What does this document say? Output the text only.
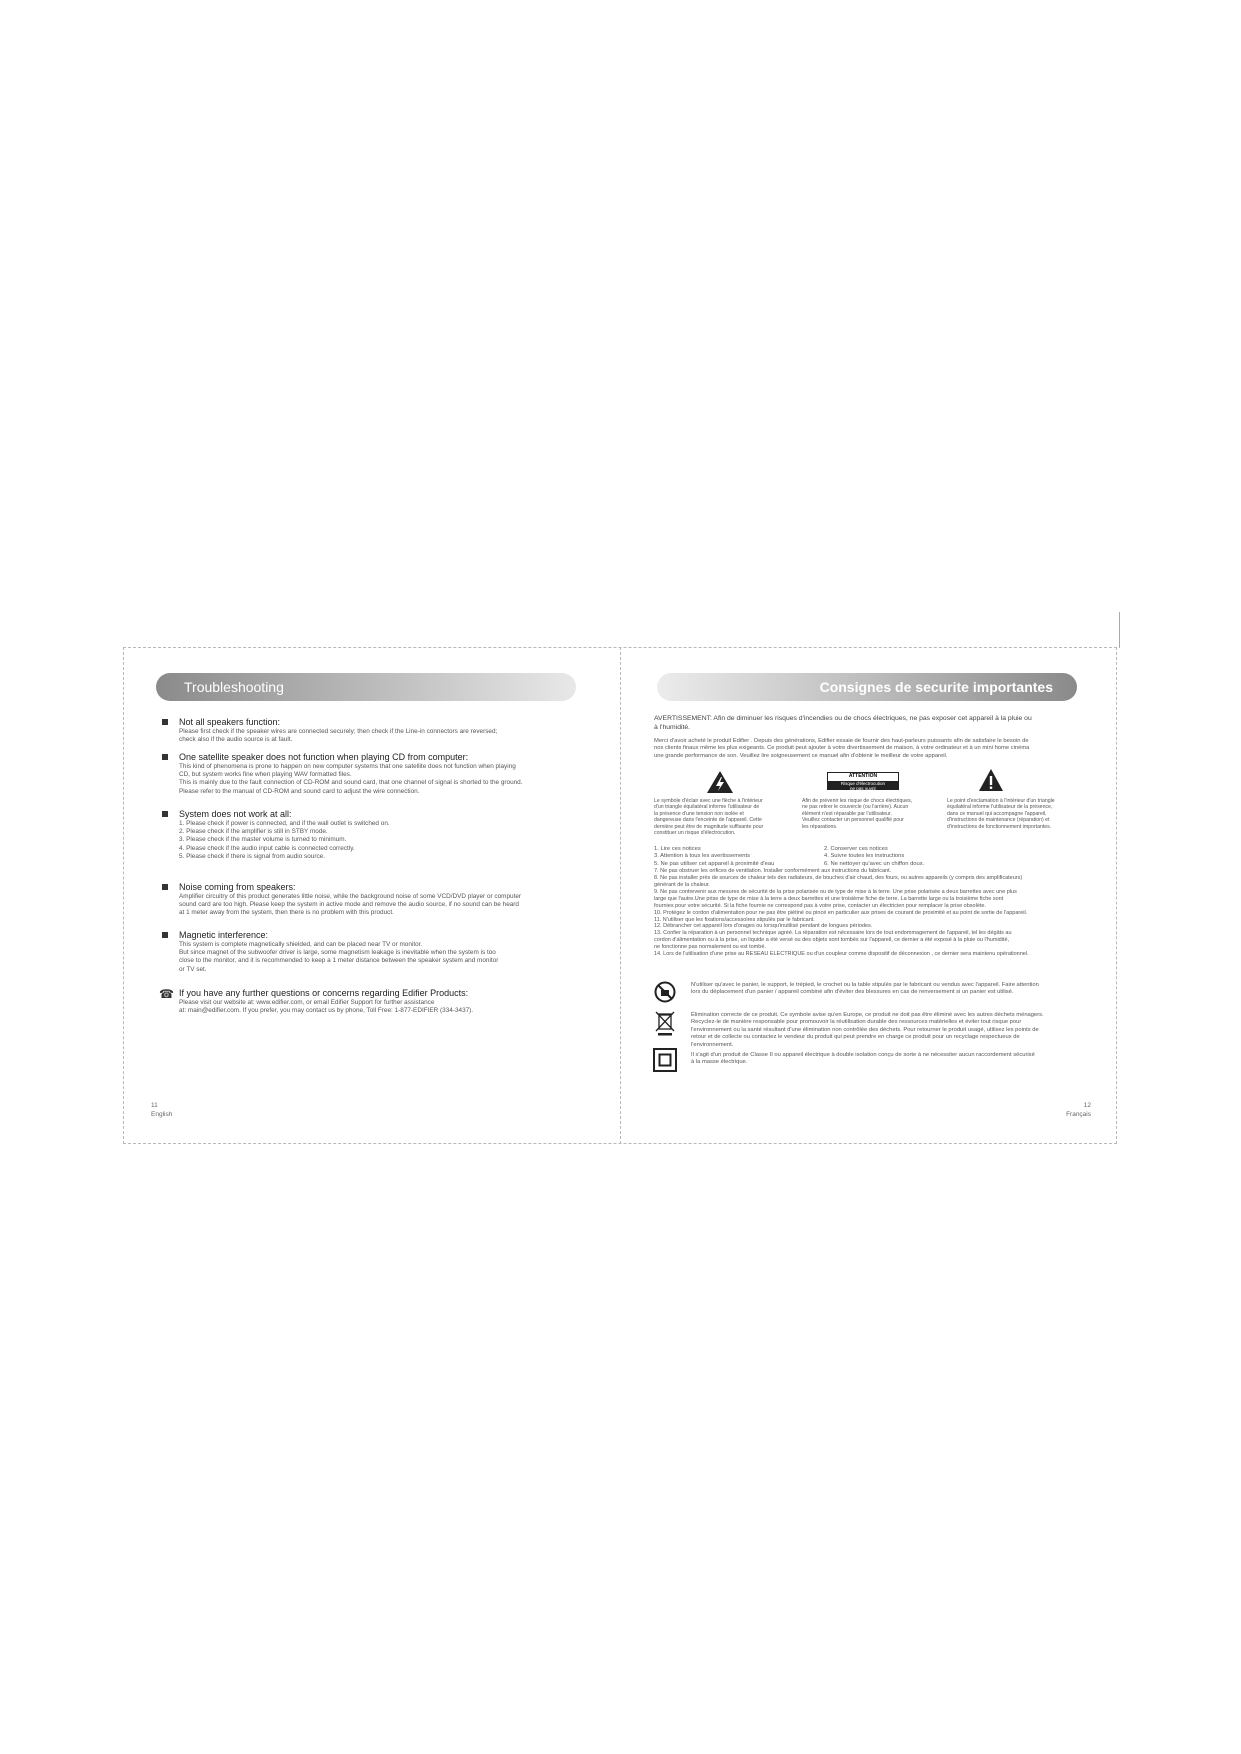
Troubleshooting
Not all speakers function:

Please first check if the speaker wires are connected securely; then check if the Line-in connectors are reversed;
check also if the audio source is at fault.

One satellite speaker does not function when playing CD from computer:

This kind of phenomena is prone to happen on new computer systems that one satellite does not function when playing
CD, but system works fine when playing WAV formatted files.
This is mainly due to the fault connection of CD-ROM and sound card, that one channel of signal is shorted to the ground.
Please refer to the manual of CD-ROM and sound card to adjust the wire connection.

System does not work at all:

1. Please check if power is connected, and if the wall outlet is switched on.
2. Please check if the amplifier is still in STBY mode.
3. Please check if the master volume is turned to minimum.
4. Please check if the audio input cable is connected correctly.
5. Please check if there is signal from audio source.

Noise coming from speakers:

Amplifier circuitry of this product generates little noise, while the background noise of some VCD/DVD player or computer
sound card are too high. Please keep the system in active mode and remove the audio source, if no sound can be heard
at 1 meter away from the system, then there is no problem with this product.

Magnetic interference:

This system is complete magnetically shielded, and can be placed near TV or monitor.
But since magnet of the subwoofer driver is large, some magnetism leakage is inevitable when the system is too
close to the monitor, and it is recommended to keep a 1 meter distance between the speaker system and monitor
or TV set.

☎ If you have any further questions or concerns regarding Edifier Products:

Please visit our website at: www.edifier.com, or email Edifier Support for further assistance
at: main@edifier.com. If you prefer, you may contact us by phone, Toll Free: 1-877-EDIFIER (334-3437).

11
English
Consignes de securite importantes
AVERTISSEMENT: Afin de diminuer les risques d'incendies ou de chocs électriques, ne pas exposer cet appareil à la pluie ou
à l'humidité.
Merci d'avoir acheté le produit Edifier . Depuis des générations, Edifier essaie de fournir des haut-parleurs puissants afin de satisfaire le besoin de
nos clients finaux même les plus exigeants. Ce produit peut ajouter à votre divertissement de maison, à votre ordinateur et à un mini home cinéma
une grande performance de son. Veuillez lire soigneusement ce manuel afin d'obtenir le meilleur de votre appareil.
ATTENTION
Risque d'électrocution
ne pas ouvrir
Le symbole d'éclair avec une flèche à l'intérieur
d'un triangle équilatéral informe l'utilisateur de
la présence d'une tension non isolée et
dangereuse dans l'enceinte de l'appareil. Cette
dernière peut être de magnitude suffisante pour
constituer un risque d'électrocution.
Afin de prévenir les risque de chocs électriques,
ne pas retirer le couvercle (ou l'arrière). Aucun
élément n'est réparable par l'utilisateur.
Veuillez contacter un personnel qualifié pour
les réparations.
Le point d'exclamation à l'intérieur d'un triangle
équilatéral informe l'utilisateur de la présence,
dans ce manuel qui accompagne l'appareil,
d'instructions de maintenance (réparation) et
d'instructions de fonctionnement importantes.
1. Lire ces notices	2. Conserver ces notices
3. Attention à tous les avertissements	4. Suivre toutes les instructions
5. Ne pas utiliser cet appareil à proximité d'eau	6. Ne nettoyer qu'avec un chiffon doux.
7. Ne pas obstruer les orifices de ventilation. Installer conformément aux instructions du fabricant.
8. Ne pas installer près de sources de chaleur tels des radiateurs, de bouches d'air chaud, des fours, ou autres appareils (y compris des amplificateurs)
générant de la chaleur.
9. Ne pas contrevenir aux mesures de sécurité de la prise polarisée ou de type de mise à la terre. Une prise polarisée a deux barrettes avec une plus
large que l'autre.Une prise de type de mise à la terre a deux barrettes et une troisième fiche de terre. La barrette large ou la troisième fiche sont
fournies pour votre sécurité. Si la fiche fournie ne correspond pas à votre prise, contacter un électricien pour remplacer la prise obsolète.
10. Protégez le cordon d'alimentation pour ne pas être piétiné ou pincé en particulier aux prises de courant de proximité et au point de sortie de l'appareil.
11. N'utiliser que les fixations/accessoires stipulés par le fabricant.
12. Débrancher cet appareil lors d'orages ou lorsqu'inutilisé pendant de longues périodes.
13. Confier la réparation à un personnel technique agréé. La réparation est nécessaire lors de tout endommagement de l'appareil, tel les dégâts au
cordon d'alimentation ou à la prise, un liquide a été versé ou des objets sont tombés sur l'appareil, ce dernier a été exposé à la pluie ou l'humidité,
ne fonctionne pas normalement ou est tombé.
14. Lors de l'utilisation d'une prise au RESEAU ELECTRIQUE ou d'un coupleur comme dispositif de déconnexion , ce dernier sera maintenu opérationnel.
N'utiliser qu'avec le panier, le support, le trépied, le crochet ou la table stipulés par le fabricant ou vendus avec l'appareil. Faire attention
lors du déplacement d'un panier / appareil combiné afin d'éviter des blessures en cas de renversement si un panier est utilisé.
Élimination correcte de ce produit. Ce symbole avise qu'en Europe, ce produit ne doit pas être éliminé avec les autres déchets ménagers.
Recyclez-le de manière responsable pour promouvoir la réutilisation durable des ressources matérielles et éviter tout risque pour
l'environnement ou la santé résultant d'une élimination non contrôlée des déchets. Pour retourner le produit usagé, utilisez les points de
retour et de collecte ou contactez le vendeur du produit qui peut prendre en charge ce produit pour un recyclage respectueux de
l'environnement.
Il s'agit d'un produit de Classe II ou appareil électrique à double isolation conçu de sorte à ne nécessiter aucun raccordement sécurisé
à la masse électrique.
12
Français
